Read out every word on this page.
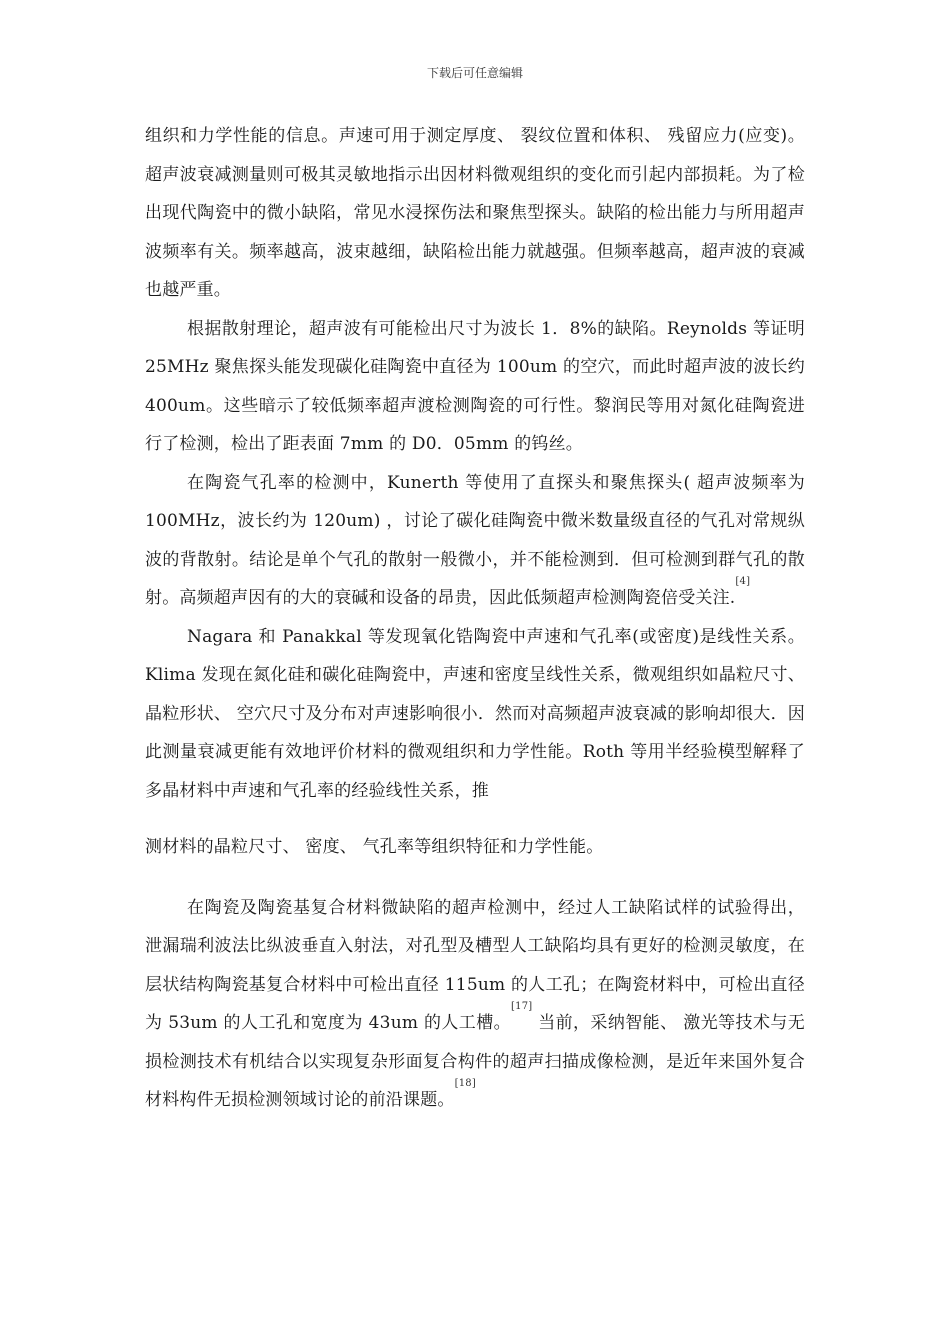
下载后可任意编辑

组织和力学性能的信息。声速可用于测定厚度、 裂纹位置和体积、 残留应力(应变)。超声波衰减测量则可极其灵敏地指示出因材料微观组织的变化而引起内部损耗。为了检出现代陶瓷中的微小缺陷，常见水浸探伤法和聚焦型探头。缺陷的检出能力与所用超声波频率有关。频率越高，波束越细，缺陷检出能力就越强。但频率越高，超声波的衰减也越严重。

根据散射理论，超声波有可能检出尺寸为波长 1．8%的缺陷。Reynolds 等证明 25MHz 聚焦探头能发现碳化硅陶瓷中直径为 100um 的空穴，而此时超声波的波长约 400um。这些暗示了较低频率超声渡检测陶瓷的可行性。黎润民等用对氮化硅陶瓷进行了检测，检出了距表面 7mm 的 D0．05mm 的钨丝。

在陶瓷气孔率的检测中，Kunerth 等使用了直探头和聚焦探头( 超声波频率为 100MHz，波长约为 120um) ，讨论了碳化硅陶瓷中微米数量级直径的气孔对常规纵波的背散射。结论是单个气孔的散射一般微小，并不能检测到．但可检测到群气孔的散射。高频超声因有的大的衰碱和设备的昂贵，因此低频超声检测陶瓷倍受关注.[4]

Nagara 和 Panakkal 等发现氧化锆陶瓷中声速和气孔率(或密度)是线性关系。Klima 发现在氮化硅和碳化硅陶瓷中，声速和密度呈线性关系，微观组织如晶粒尺寸、 晶粒形状、 空穴尺寸及分布对声速影响很小．然而对高频超声波衰减的影响却很大．因此测量衰减更能有效地评价材料的微观组织和力学性能。Roth 等用半经验模型解释了多晶材料中声速和气孔率的经验线性关系，推

测材料的晶粒尺寸、 密度、 气孔率等组织特征和力学性能。

在陶瓷及陶瓷基复合材料微缺陷的超声检测中，经过人工缺陷试样的试验得出，泄漏瑞利波法比纵波垂直入射法，对孔型及槽型人工缺陷均具有更好的检测灵敏度，在层状结构陶瓷基复合材料中可检出直径 115um 的人工孔；在陶瓷材料中，可检出直径为 53um 的人工孔和宽度为 43um 的人工槽。[17] 当前，采纳智能、 激光等技术与无损检测技术有机结合以实现复杂形面复合构件的超声扫描成像检测，是近年来国外复合材料构件无损检测领域讨论的前沿课题。[18]
